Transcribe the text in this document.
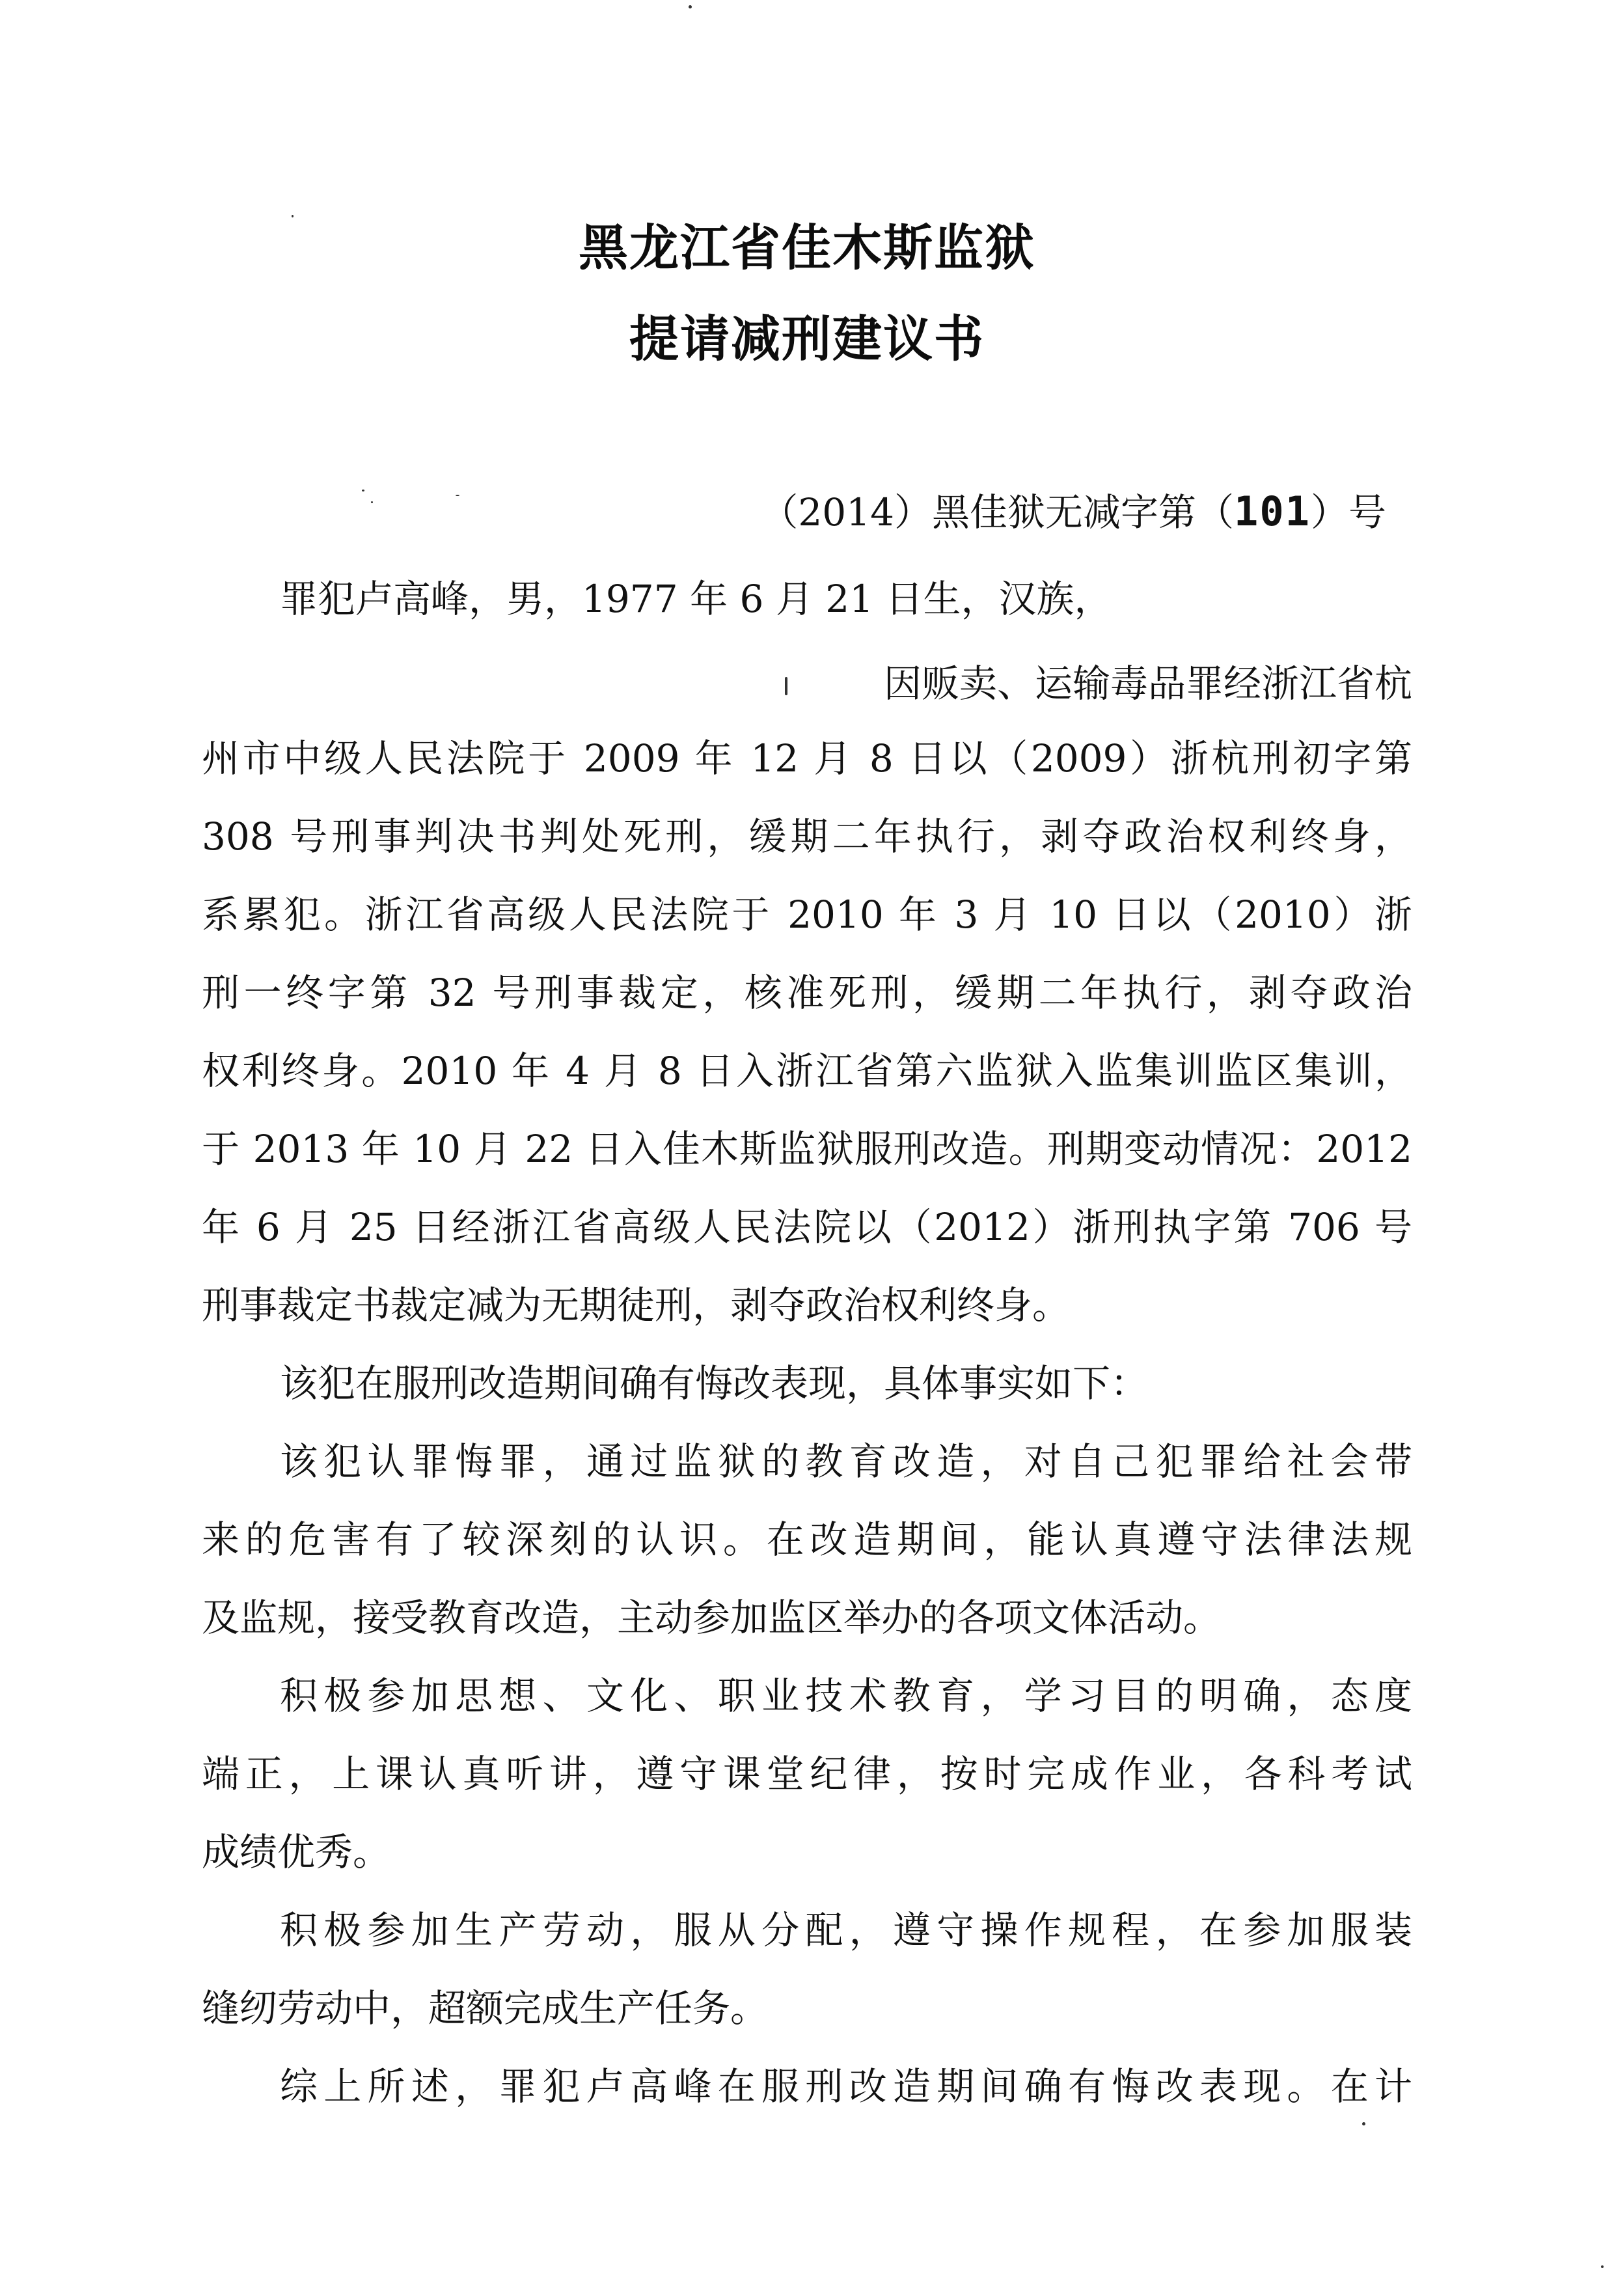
黑龙江省佳木斯监狱
提请减刑建议书
（2014）黑佳狱无减字第（101）号
罪犯卢高峰，男，1977 年 6 月 21 日生，汉族，
因贩卖、运输毒品罪经浙江省杭
州市中级人民法院于 2009 年 12 月 8 日以（2009）浙杭刑初字第
308 号刑事判决书判处死刑，缓期二年执行，剥夺政治权利终身，
系累犯。浙江省高级人民法院于 2010 年 3 月 10 日以（2010）浙
刑一终字第 32 号刑事裁定，核准死刑，缓期二年执行，剥夺政治
权利终身。2010 年 4 月 8 日入浙江省第六监狱入监集训监区集训，
于 2013 年 10 月 22 日入佳木斯监狱服刑改造。刑期变动情况：2012
年 6 月 25 日经浙江省高级人民法院以（2012）浙刑执字第 706 号
刑事裁定书裁定减为无期徒刑，剥夺政治权利终身。
该犯在服刑改造期间确有悔改表现，具体事实如下：
该犯认罪悔罪，通过监狱的教育改造，对自己犯罪给社会带
来的危害有了较深刻的认识。在改造期间，能认真遵守法律法规
及监规，接受教育改造，主动参加监区举办的各项文体活动。
积极参加思想、文化、职业技术教育，学习目的明确，态度
端正，上课认真听讲，遵守课堂纪律，按时完成作业，各科考试
成绩优秀。
积极参加生产劳动，服从分配，遵守操作规程，在参加服装
缝纫劳动中，超额完成生产任务。
综上所述，罪犯卢高峰在服刑改造期间确有悔改表现。在计
